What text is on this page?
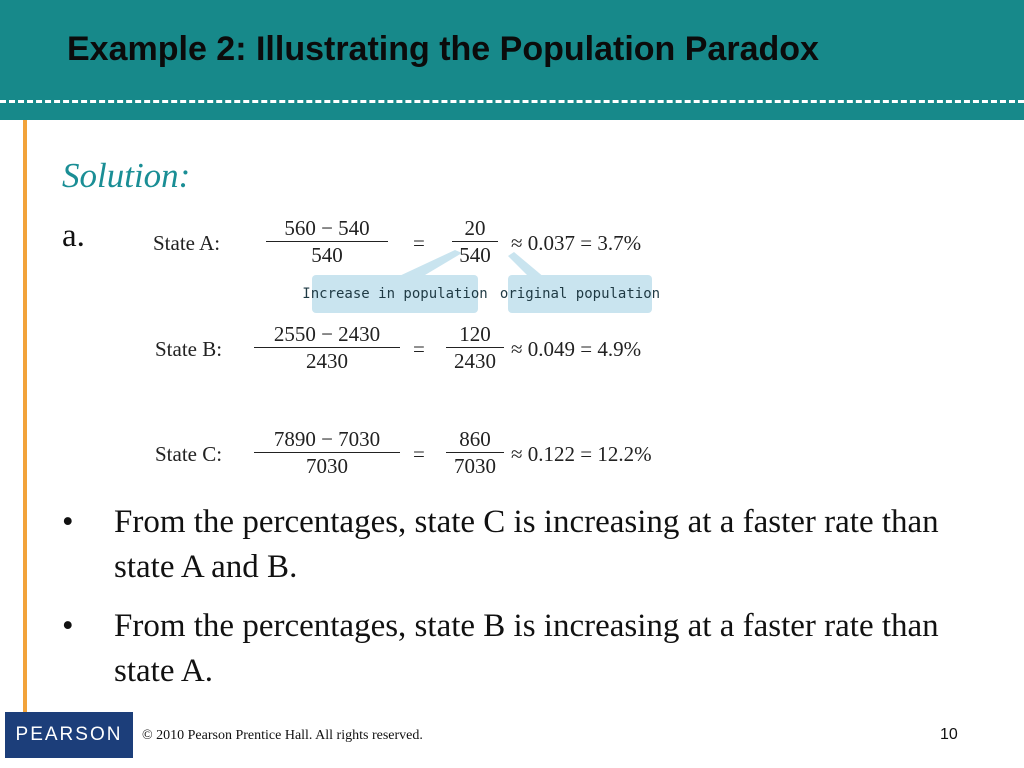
Example 2: Illustrating the Population Paradox
Solution:
a.	State A:
560 − 540
540	=
20
540 ≈ 0.037 = 3.7%
Increase in population original population
State B:
2550 − 2430
2430	=
120
2430 ≈ 0.049 = 4.9%
State C:
7890 − 7030
7030	=
860
7030 ≈ 0.122 = 12.2%
• From the percentages, state C is increasing at a faster rate than state A and B.
• From the percentages, state B is increasing at a faster rate than state A.
PEARSON	© 2010 Pearson Prentice Hall. All rights reserved.	10
